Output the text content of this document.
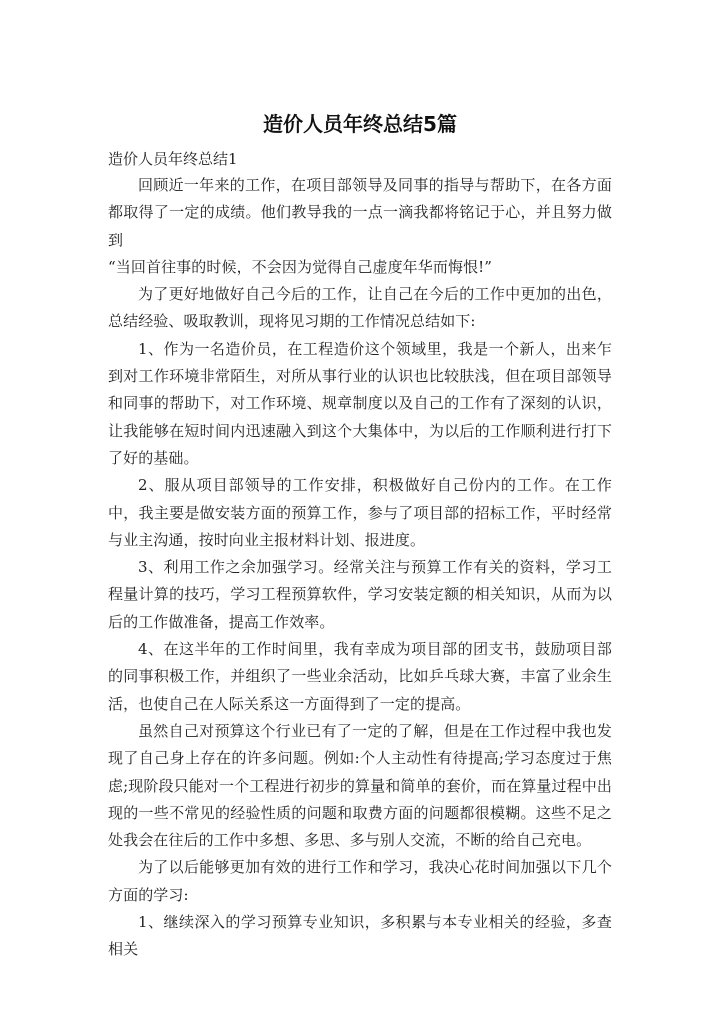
造价人员年终总结5篇
造价人员年终总结1

回顾近一年来的工作，在项目部领导及同事的指导与帮助下，在各方面都取得了一定的成绩。他们教导我的一点一滴我都将铭记于心，并且努力做到

“当回首往事的时候，不会因为觉得自己虚度年华而悔恨!”

为了更好地做好自己今后的工作，让自己在今后的工作中更加的出色，总结经验、吸取教训，现将见习期的工作情况总结如下:

1、作为一名造价员，在工程造价这个领域里，我是一个新人，出来乍到对工作环境非常陌生，对所从事行业的认识也比较肤浅，但在项目部领导和同事的帮助下，对工作环境、规章制度以及自己的工作有了深刻的认识，让我能够在短时间内迅速融入到这个大集体中，为以后的工作顺利进行打下了好的基础。

2、服从项目部领导的工作安排，积极做好自己份内的工作。在工作中，我主要是做安装方面的预算工作，参与了项目部的招标工作，平时经常与业主沟通，按时向业主报材料计划、报进度。

3、利用工作之余加强学习。经常关注与预算工作有关的资料，学习工程量计算的技巧，学习工程预算软件，学习安装定额的相关知识，从而为以后的工作做准备，提高工作效率。

4、在这半年的工作时间里，我有幸成为项目部的团支书，鼓励项目部的同事积极工作，并组织了一些业余活动，比如乒乓球大赛，丰富了业余生活，也使自己在人际关系这一方面得到了一定的提高。

虽然自己对预算这个行业已有了一定的了解，但是在工作过程中我也发现了自己身上存在的许多问题。例如:个人主动性有待提高;学习态度过于焦虑;现阶段只能对一个工程进行初步的算量和简单的套价，而在算量过程中出现的一些不常见的经验性质的问题和取费方面的问题都很模糊。这些不足之处我会在往后的工作中多想、多思、多与别人交流，不断的给自己充电。

为了以后能够更加有效的进行工作和学习，我决心花时间加强以下几个方面的学习:

1、继续深入的学习预算专业知识，多积累与本专业相关的经验，多查相关
